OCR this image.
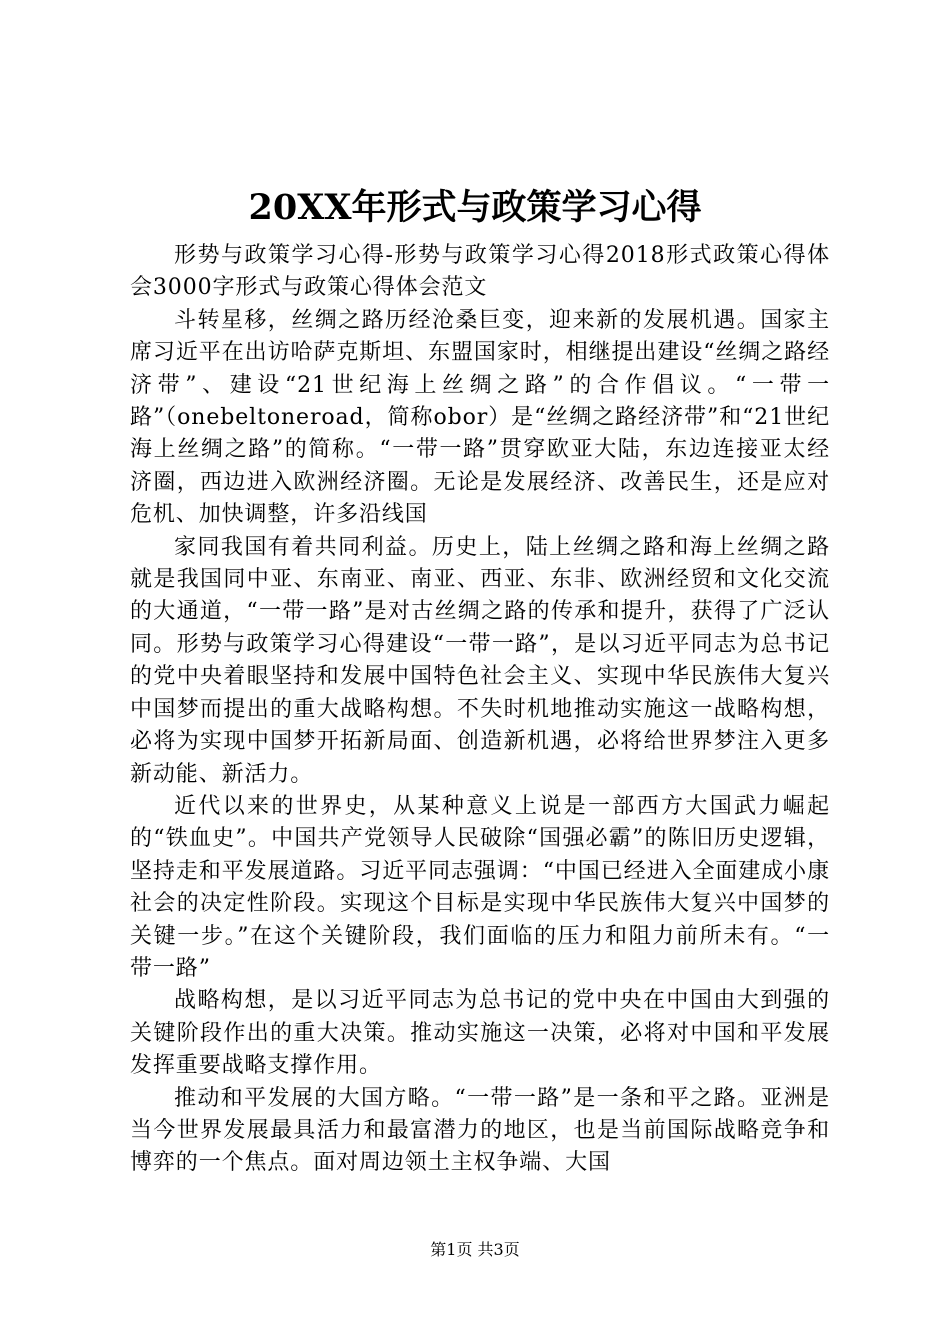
20XX年形式与政策学习心得

形势与政策学习心得-形势与政策学习心得2018形式政策心得体会3000字形式与政策心得体会范文

斗转星移，丝绸之路历经沧桑巨变，迎来新的发展机遇。国家主席习近平在出访哈萨克斯坦、东盟国家时，相继提出建设“丝绸之路经济带”、建设“21世纪海上丝绸之路”的合作倡议。“一带一路”（onebeltoneroad，简称obor）是“丝绸之路经济带”和“21世纪海上丝绸之路”的简称。“一带一路”贯穿欧亚大陆，东边连接亚太经济圈，西边进入欧洲经济圈。无论是发展经济、改善民生，还是应对危机、加快调整，许多沿线国

家同我国有着共同利益。历史上，陆上丝绸之路和海上丝绸之路就是我国同中亚、东南亚、南亚、西亚、东非、欧洲经贸和文化交流的大通道，“一带一路”是对古丝绸之路的传承和提升，获得了广泛认同。形势与政策学习心得建设“一带一路”，是以习近平同志为总书记的党中央着眼坚持和发展中国特色社会主义、实现中华民族伟大复兴中国梦而提出的重大战略构想。不失时机地推动实施这一战略构想，必将为实现中国梦开拓新局面、创造新机遇，必将给世界梦注入更多新动能、新活力。

近代以来的世界史，从某种意义上说是一部西方大国武力崛起的“铁血史”。中国共产党领导人民破除“国强必霸”的陈旧历史逻辑，坚持走和平发展道路。习近平同志强调：“中国已经进入全面建成小康社会的决定性阶段。实现这个目标是实现中华民族伟大复兴中国梦的关键一步。”在这个关键阶段，我们面临的压力和阻力前所未有。“一带一路”

战略构想，是以习近平同志为总书记的党中央在中国由大到强的关键阶段作出的重大决策。推动实施这一决策，必将对中国和平发展发挥重要战略支撑作用。

推动和平发展的大国方略。“一带一路”是一条和平之路。亚洲是当今世界发展最具活力和最富潜力的地区，也是当前国际战略竞争和博弈的一个焦点。面对周边领土主权争端、大国

第1页 共3页
